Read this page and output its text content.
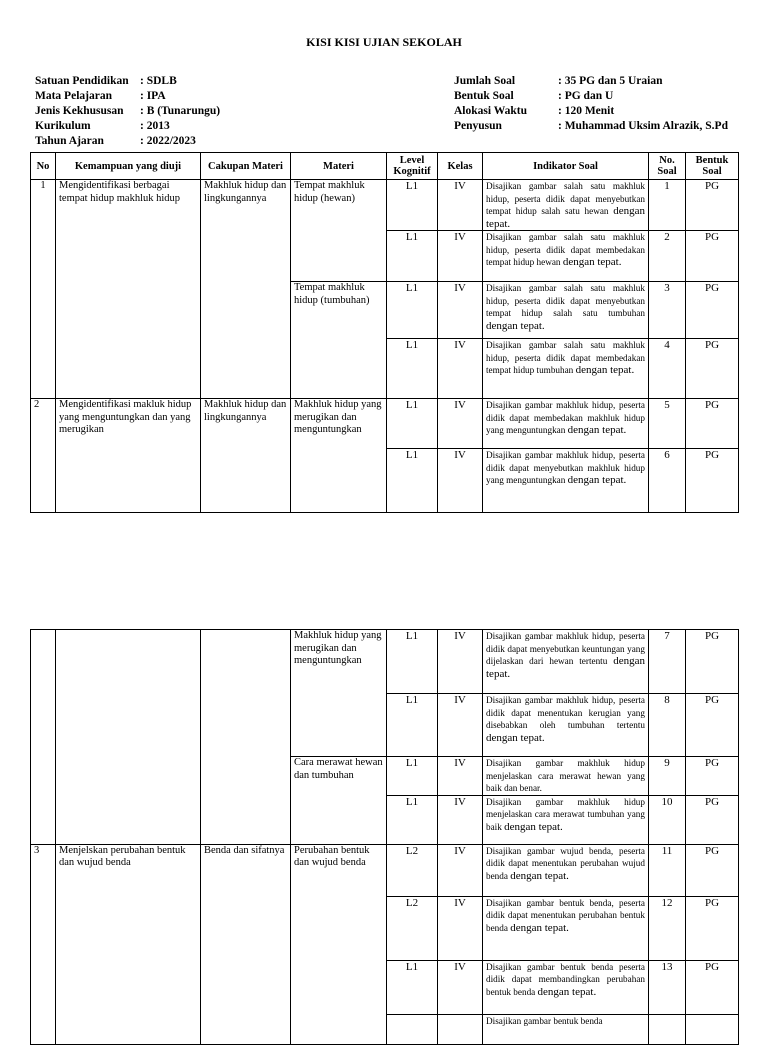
KISI KISI UJIAN SEKOLAH
Satuan Pendidikan : SDLB
Mata Pelajaran : IPA
Jenis Kekhususan : B (Tunarungu)
Kurikulum	: 2013
Tahun Ajaran	: 2022/2023
Jumlah Soal	: 35 PG dan 5 Uraian
Bentuk Soal	: PG dan U
Alokasi Waktu	: 120 Menit
Penyusun	: Muhammad Uksim Alrazik, S.Pd
No	Kemampuan yang diuji	Cakupan Materi	Materi	Level Kognitif	Kelas	Indikator Soal	No. Soal	Bentuk Soal
1	Mengidentifikasi berbagai tempat hidup makhluk hidup	Makhluk hidup dan lingkungannya	Tempat makhluk hidup (hewan)	L1	IV	Disajikan gambar salah satu makhluk hidup, peserta didik dapat menyebutkan tempat hidup salah satu hewan dengan tepat.	1	PG
				L1	IV	Disajikan gambar salah satu makhluk hidup, peserta didik dapat membedakan tempat hidup hewan dengan tepat.	2	PG
			Tempat makhluk hidup (tumbuhan)	L1	IV	Disajikan gambar salah satu makhluk hidup, peserta didik dapat menyebutkan tempat hidup salah satu tumbuhan dengan tepat.	3	PG
				L1	IV	Disajikan gambar salah satu makhluk hidup, peserta didik dapat membedakan tempat hidup tumbuhan dengan tepat.	4	PG
2	Mengidentifikasi makluk hidup yang menguntungkan dan yang merugikan	Makhluk hidup dan lingkungannya	Makhluk hidup yang merugikan dan menguntungkan	L1	IV	Disajikan gambar makhluk hidup, peserta didik dapat membedakan makhluk hidup yang menguntungkan dengan tepat.	5	PG
				L1	IV	Disajikan gambar makhluk hidup, peserta didik dapat menyebutkan makhluk hidup yang menguntungkan dengan tepat.	6	PG
			Makhluk hidup yang merugikan dan menguntungkan	L1	IV	Disajikan gambar makhluk hidup, peserta didik dapat menyebutkan keuntungan yang dijelaskan dari hewan tertentu dengan tepat.	7	PG
				L1	IV	Disajikan gambar makhluk hidup, peserta didik dapat menentukan kerugian yang disebabkan oleh tumbuhan tertentu dengan tepat.	8	PG
			Cara merawat hewan dan tumbuhan	L1	IV	Disajikan gambar makhluk hidup menjelaskan cara merawat hewan yang baik dan benar.	9	PG
				L1	IV	Disajikan gambar makhluk hidup menjelaskan cara merawat tumbuhan yang baik dengan tepat.	10	PG
3	Menjelskan perubahan bentuk dan wujud benda	Benda dan sifatnya	Perubahan bentuk dan wujud benda	L2	IV	Disajikan gambar wujud benda, peserta didik dapat menentukan perubahan wujud benda dengan tepat.	11	PG
				L2	IV	Disajikan gambar bentuk benda, peserta didik dapat menentukan perubahan bentuk benda dengan tepat.	12	PG
				L1	IV	Disajikan gambar bentuk benda peserta didik dapat membandingkan perubahan bentuk benda dengan tepat.	13	PG
						Disajikan gambar bentuk benda		
